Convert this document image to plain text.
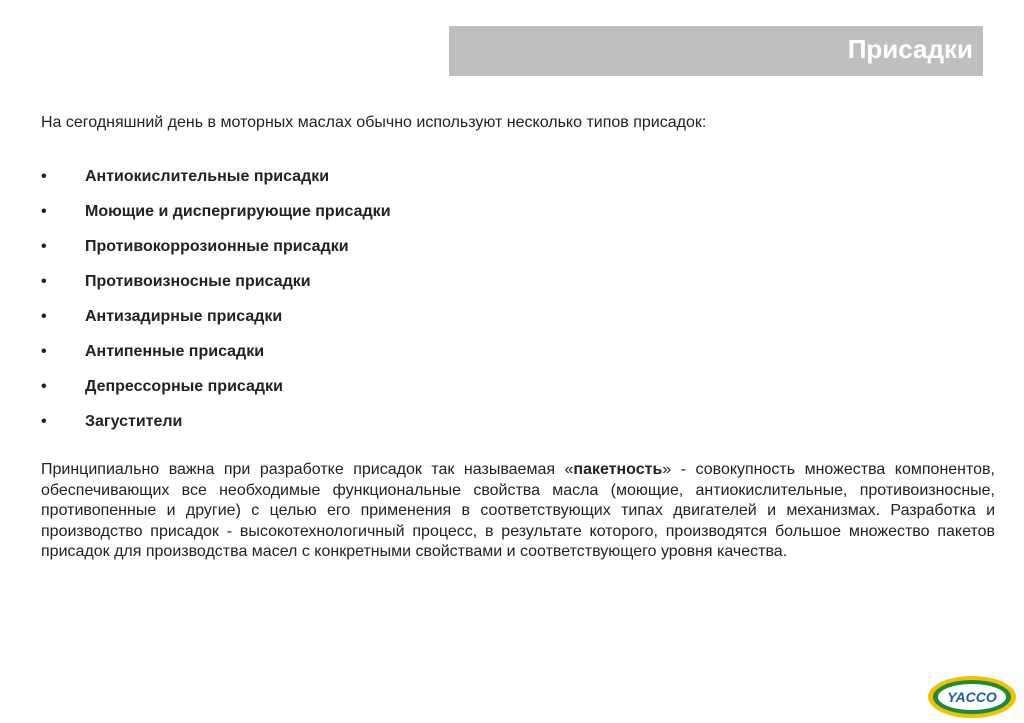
Присадки
На сегодняшний день в моторных маслах обычно используют несколько типов присадок:
• Антиокислительные присадки
• Моющие и диспергирующие присадки
• Противокоррозионные присадки
• Противоизносные присадки
• Антизадирные присадки
• Антипенные присадки
• Депрессорные присадки
• Загустители
Принципиально важна при разработке присадок так называемая «пакетность» - совокупность множества компонентов, обеспечивающих все необходимые функциональные свойства масла (моющие, антиокислительные, противоизносные, противопенные и другие) с целью его применения в соответствующих типах двигателей и механизмах. Разработка и производство присадок - высокотехнологичный процесс, в результате которого, производятся большое множество пакетов присадок для производства масел с конкретными свойствами и соответствующего уровня качества.
YACCO
